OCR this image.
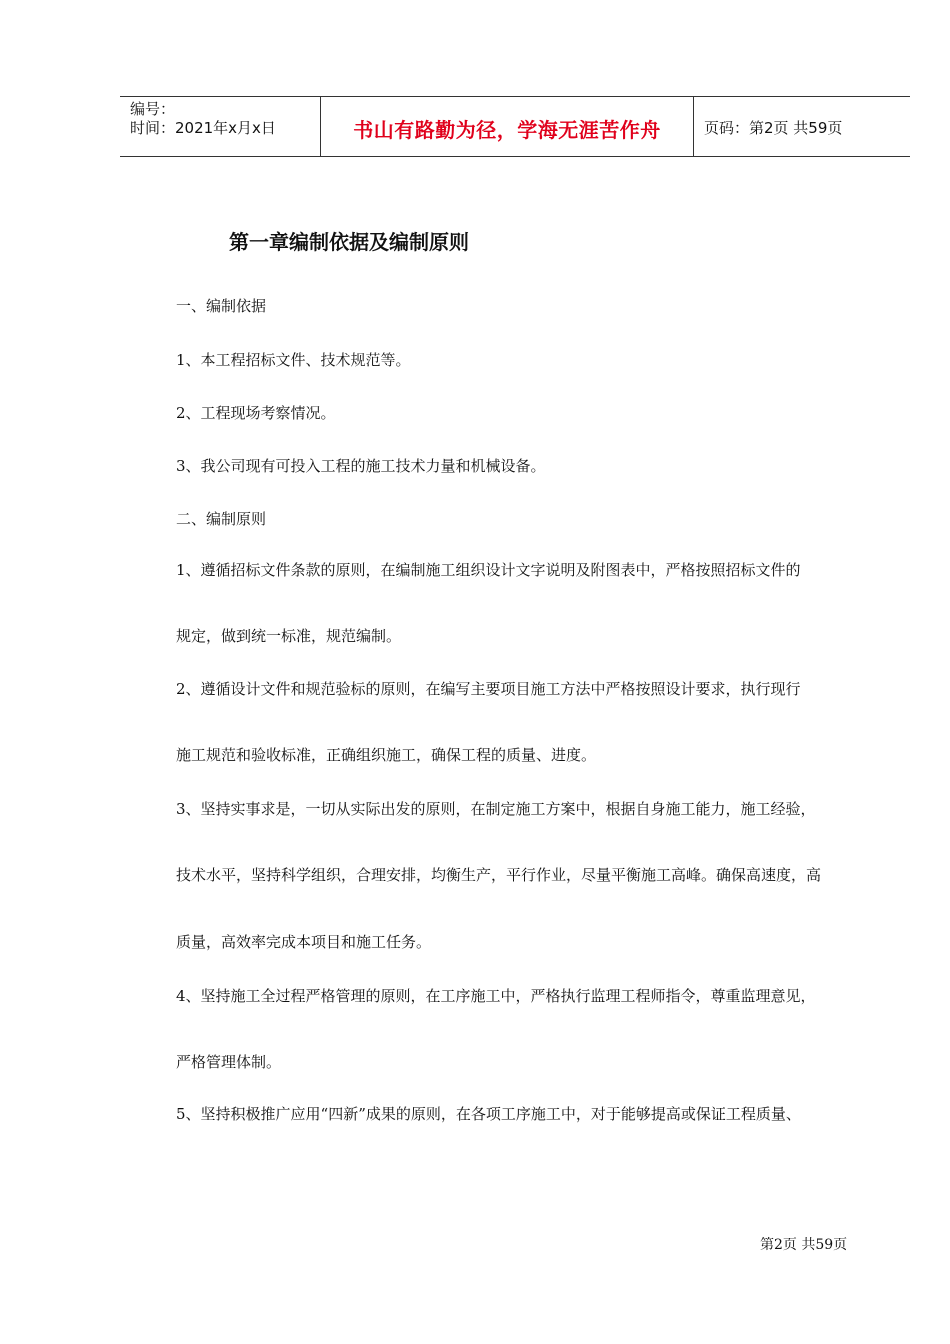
编号：
时间：2021年x月x日	书山有路勤为径，学海无涯苦作舟	页码：第2页 共59页
第一章编制依据及编制原则
一、编制依据
1、本工程招标文件、技术规范等。
2、工程现场考察情况。
3、我公司现有可投入工程的施工技术力量和机械设备。
二、编制原则
1、遵循招标文件条款的原则，在编制施工组织设计文字说明及附图表中，严格按照招标文件的
规定，做到统一标准，规范编制。
2、遵循设计文件和规范验标的原则，在编写主要项目施工方法中严格按照设计要求，执行现行
施工规范和验收标准，正确组织施工，确保工程的质量、进度。
3、坚持实事求是，一切从实际出发的原则，在制定施工方案中，根据自身施工能力，施工经验，
技术水平，坚持科学组织，合理安排，均衡生产，平行作业，尽量平衡施工高峰。确保高速度，高
质量，高效率完成本项目和施工任务。
4、坚持施工全过程严格管理的原则，在工序施工中，严格执行监理工程师指令，尊重监理意见，
严格管理体制。
5、坚持积极推广应用“四新”成果的原则，在各项工序施工中，对于能够提高或保证工程质量、
第2页 共59页
